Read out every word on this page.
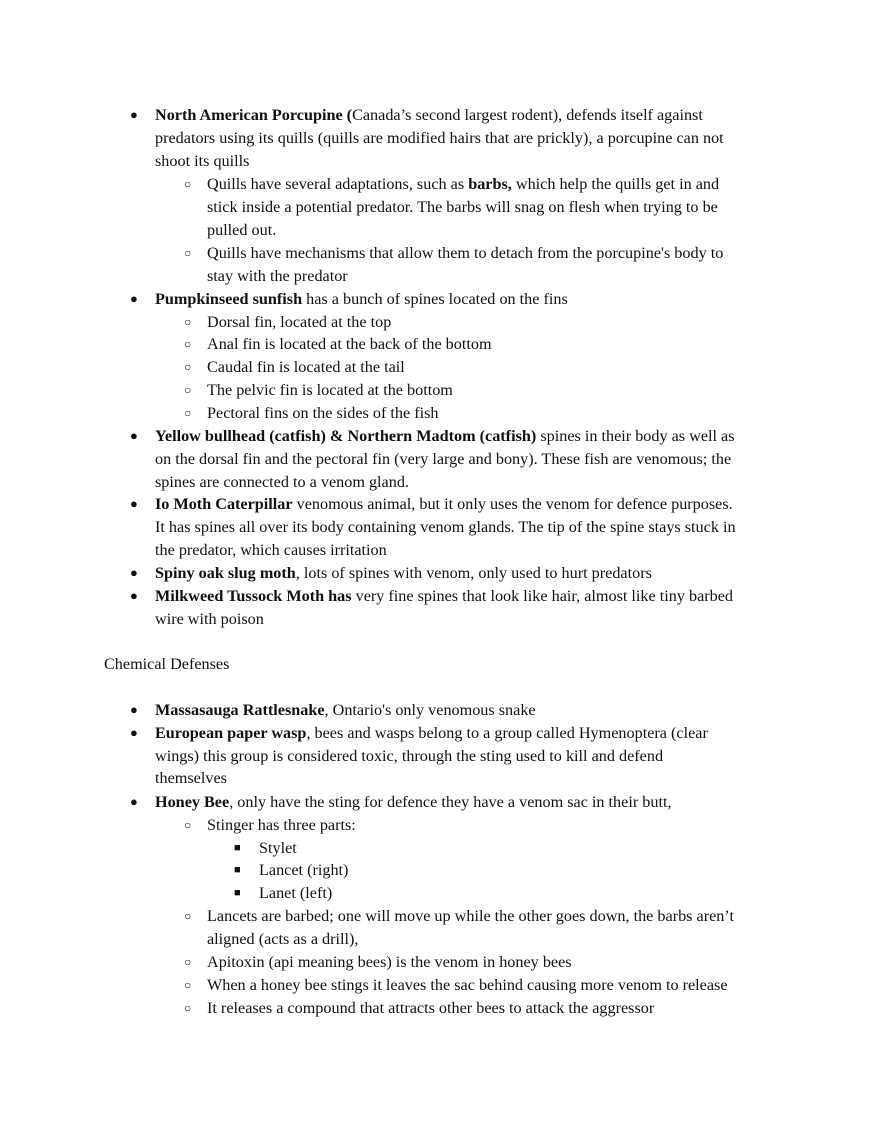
●
North American Porcupine (Canada’s second largest rodent), defends itself against
predators using its quills (quills are modified hairs that are prickly), a porcupine can not
shoot its quills
○
Quills have several adaptations, such as barbs, which help the quills get in and
stick inside a potential predator. The barbs will snag on flesh when trying to be
pulled out.
○
Quills have mechanisms that allow them to detach from the porcupine's body to
stay with the predator
●
Pumpkinseed sunfish has a bunch of spines located on the fins
○
Dorsal fin, located at the top
○
Anal fin is located at the back of the bottom
○
Caudal fin is located at the tail
○
The pelvic fin is located at the bottom
○
Pectoral fins on the sides of the fish
●
Yellow bullhead (catfish) & Northern Madtom (catfish) spines in their body as well as
on the dorsal fin and the pectoral fin (very large and bony). These fish are venomous; the
spines are connected to a venom gland.
●
Io Moth Caterpillar venomous animal, but it only uses the venom for defence purposes.
It has spines all over its body containing venom glands. The tip of the spine stays stuck in
the predator, which causes irritation
●
Spiny oak slug moth, lots of spines with venom, only used to hurt predators
●
Milkweed Tussock Moth has very fine spines that look like hair, almost like tiny barbed
wire with poison
Chemical Defenses
●
Massasauga Rattlesnake, Ontario's only venomous snake
●
European paper wasp, bees and wasps belong to a group called Hymenoptera (clear
wings) this group is considered toxic, through the sting used to kill and defend
themselves
●
Honey Bee, only have the sting for defence they have a venom sac in their butt,
○
Stinger has three parts:
■
Stylet
■
Lancet (right)
■
Lanet (left)
○
Lancets are barbed; one will move up while the other goes down, the barbs aren’t
aligned (acts as a drill),
○
Apitoxin (api meaning bees) is the venom in honey bees
○
When a honey bee stings it leaves the sac behind causing more venom to release
○
It releases a compound that attracts other bees to attack the aggressor
